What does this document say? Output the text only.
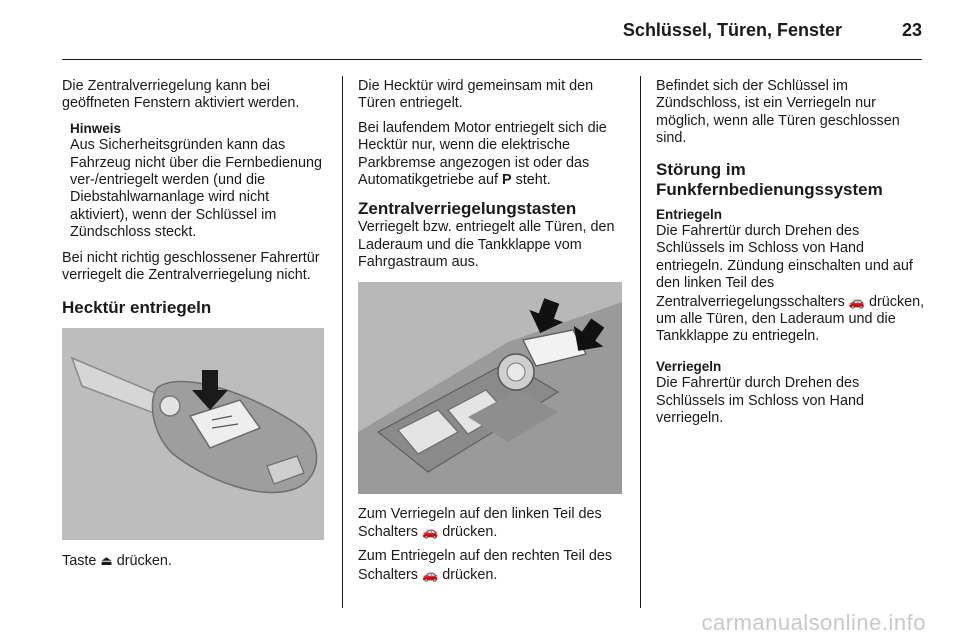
Schlüssel, Türen, Fenster	23

Die Zentralverriegelung kann bei geöffneten Fenstern aktiviert werden.

Hinweis
Aus Sicherheitsgründen kann das Fahrzeug nicht über die Fernbedienung ver-/entriegelt werden (und die Diebstahlwarnanlage wird nicht aktiviert), wenn der Schlüssel im Zündschloss steckt.

Bei nicht richtig geschlossener Fahrertür verriegelt die Zentralverriegelung nicht.

Hecktür entriegeln

Taste ⏏ drücken.

Die Hecktür wird gemeinsam mit den Türen entriegelt.

Bei laufendem Motor entriegelt sich die Hecktür nur, wenn die elektrische Parkbremse angezogen ist oder das Automatikgetriebe auf P steht.

Zentralverriegelungstasten

Verriegelt bzw. entriegelt alle Türen, den Laderaum und die Tankklappe vom Fahrgastraum aus.

Zum Verriegeln auf den linken Teil des Schalters 🚗 drücken.

Zum Entriegeln auf den rechten Teil des Schalters 🚗 drücken.

Befindet sich der Schlüssel im Zündschloss, ist ein Verriegeln nur möglich, wenn alle Türen geschlossen sind.

Störung im Funkfernbedienungssystem
Entriegeln

Die Fahrertür durch Drehen des Schlüssels im Schloss von Hand entriegeln. Zündung einschalten und auf den linken Teil des Zentralverriegelungsschalters 🚗 drücken, um alle Türen, den Laderaum und die Tankklappe zu entriegeln.

Verriegeln

Die Fahrertür durch Drehen des Schlüssels im Schloss von Hand verriegeln.

carmanualsonline.info
